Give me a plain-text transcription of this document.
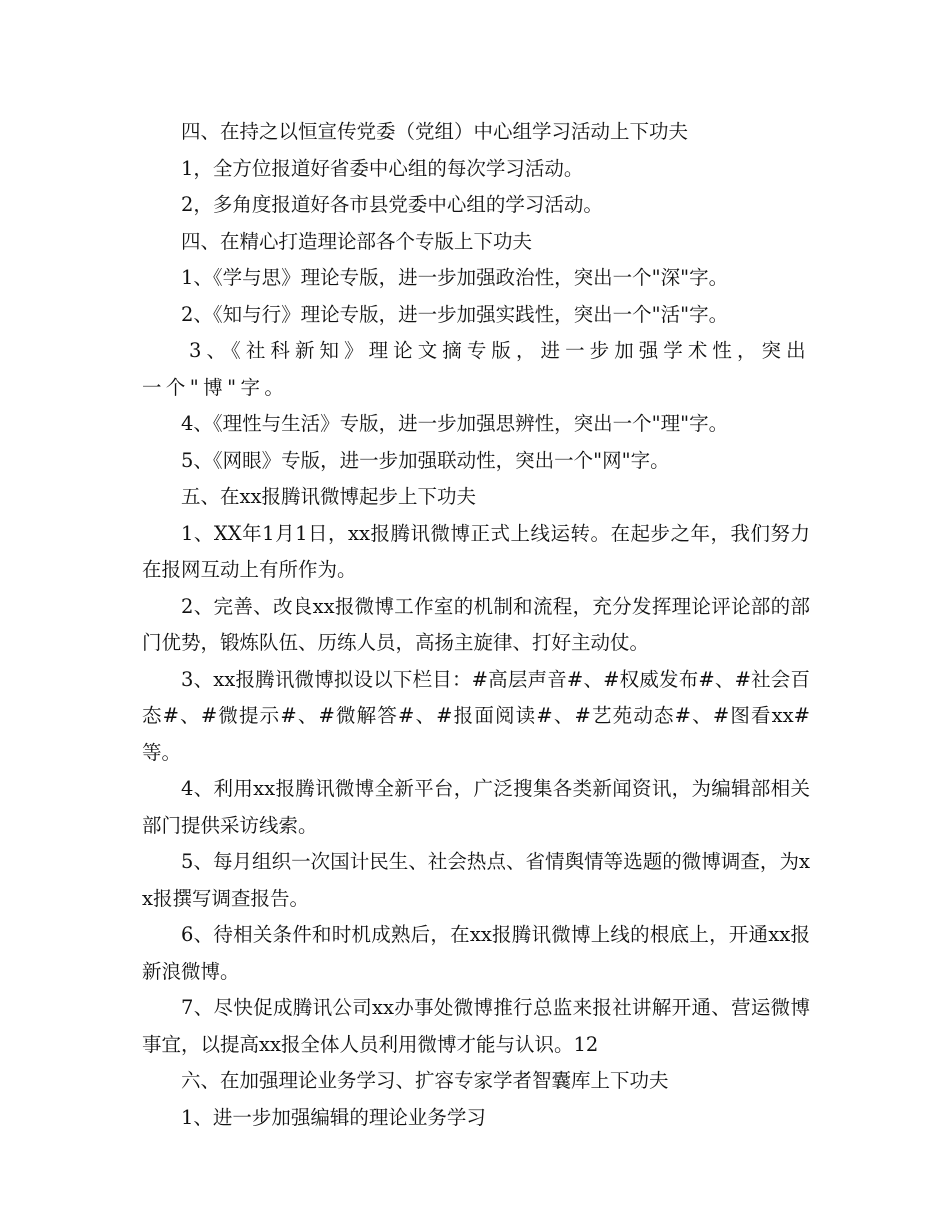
四、在持之以恒宣传党委（党组）中心组学习活动上下功夫

1，全方位报道好省委中心组的每次学习活动。

2，多角度报道好各市县党委中心组的学习活动。

四、在精心打造理论部各个专版上下功夫

1、《学与思》理论专版，进一步加强政治性，突出一个"深"字。

2、《知与行》理论专版，进一步加强实践性，突出一个"活"字。

3、《社科新知》理论文摘专版，进一步加强学术性，突出一个"博"字。

4、《理性与生活》专版，进一步加强思辨性，突出一个"理"字。

5、《网眼》专版，进一步加强联动性，突出一个"网"字。

五、在xx报腾讯微博起步上下功夫

1、XX年1月1日，xx报腾讯微博正式上线运转。在起步之年，我们努力在报网互动上有所作为。

2、完善、改良xx报微博工作室的机制和流程，充分发挥理论评论部的部门优势，锻炼队伍、历练人员，高扬主旋律、打好主动仗。

3、xx报腾讯微博拟设以下栏目：#高层声音#、#权威发布#、#社会百态#、#微提示#、#微解答#、#报面阅读#、#艺苑动态#、#图看xx#等。

4、利用xx报腾讯微博全新平台，广泛搜集各类新闻资讯，为编辑部相关部门提供采访线索。

5、每月组织一次国计民生、社会热点、省情舆情等选题的微博调查，为xx报撰写调查报告。

6、待相关条件和时机成熟后，在xx报腾讯微博上线的根底上，开通xx报新浪微博。

7、尽快促成腾讯公司xx办事处微博推行总监来报社讲解开通、营运微博事宜，以提高xx报全体人员利用微博才能与认识。12

六、在加强理论业务学习、扩容专家学者智囊库上下功夫

1、进一步加强编辑的理论业务学习
